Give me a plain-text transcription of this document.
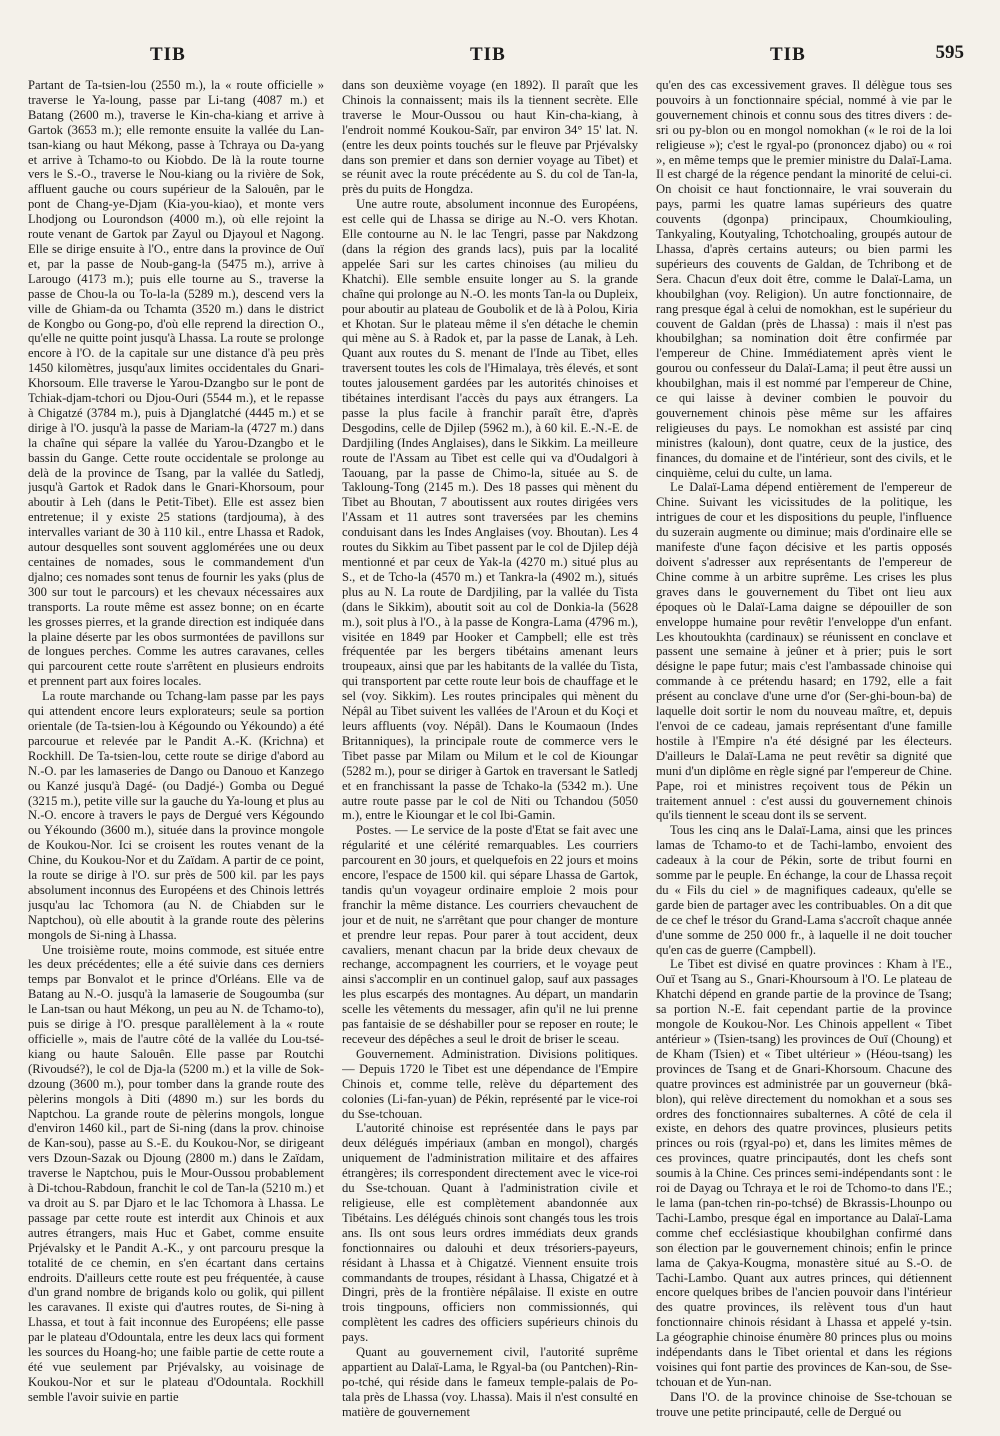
TIB	TIB	TIB	595

Partant de Ta-tsien-lou (2550 m.), la « route officielle » traverse le Ya-loung, passe par Li-tang (4087 m.) et Batang (2600 m.), traverse le Kin-cha-kiang et arrive à Gartok (3653 m.); elle remonte ensuite la vallée du Lan-tsan-kiang ou haut Mékong, passe à Tchraya ou Da-yang et arrive à Tchamo-to ou Kiobdo. De là la route tourne vers le S.-O., traverse le Nou-kiang ou la rivière de Sok, affluent gauche ou cours supérieur de la Salouên, par le pont de Chang-ye-Djam (Kia-you-kiao), et monte vers Lhodjong ou Lourondson (4000 m.), où elle rejoint la route venant de Gartok par Zayul ou Djayoul et Nagong. Elle se dirige ensuite à l'O., entre dans la province de Ouï et, par la passe de Noub-gang-la (5475 m.), arrive à Larougo (4173 m.); puis elle tourne au S., traverse la passe de Chou-la ou To-la-la (5289 m.), descend vers la ville de Ghiam-da ou Tchamta (3520 m.) dans le district de Kongbo ou Gong-po, d'où elle reprend la direction O., qu'elle ne quitte point jusqu'à Lhassa. La route se prolonge encore à l'O. de la capitale sur une distance d'à peu près 1450 kilomètres, jusqu'aux limites occidentales du Gnari-Khorsoum. Elle traverse le Yarou-Dzangbo sur le pont de Tchiak-djam-tchori ou Djou-Ouri (5544 m.), et le repasse à Chigatzé (3784 m.), puis à Djanglatché (4445 m.) et se dirige à l'O. jusqu'à la passe de Mariam-la (4727 m.) dans la chaîne qui sépare la vallée du Yarou-Dzangbo et le bassin du Gange. Cette route occidentale se prolonge au delà de la province de Tsang, par la vallée du Satledj, jusqu'à Gartok et Radok dans le Gnari-Khorsoum, pour aboutir à Leh (dans le Petit-Tibet). Elle est assez bien entretenue; il y existe 25 stations (tardjouma), à des intervalles variant de 30 à 110 kil., entre Lhassa et Radok, autour desquelles sont souvent agglomérées une ou deux centaines de nomades, sous le commandement d'un djalno; ces nomades sont tenus de fournir les yaks (plus de 300 sur tout le parcours) et les chevaux nécessaires aux transports. La route même est assez bonne; on en écarte les grosses pierres, et la grande direction est indiquée dans la plaine déserte par les obos surmontées de pavillons sur de longues perches. Comme les autres caravanes, celles qui parcourent cette route s'arrêtent en plusieurs endroits et prennent part aux foires locales.

La route marchande ou Tchang-lam passe par les pays qui attendent encore leurs explorateurs; seule sa portion orientale (de Ta-tsien-lou à Kégoundo ou Yékoundo) a été parcourue et relevée par le Pandit A.-K. (Krichna) et Rockhill. De Ta-tsien-lou, cette route se dirige d'abord au N.-O. par les lamaseries de Dango ou Danouo et Kanzego ou Kanzé jusqu'à Dagé- (ou Dadjé-) Gomba ou Degué (3215 m.), petite ville sur la gauche du Ya-loung et plus au N.-O. encore à travers le pays de Dergué vers Kégoundo ou Yékoundo (3600 m.), située dans la province mongole de Koukou-Nor. Ici se croisent les routes venant de la Chine, du Koukou-Nor et du Zaïdam. A partir de ce point, la route se dirige à l'O. sur près de 500 kil. par les pays absolument inconnus des Européens et des Chinois lettrés jusqu'au lac Tchomora (au N. de Chiabden sur le Naptchou), où elle aboutit à la grande route des pèlerins mongols de Si-ning à Lhassa.

Une troisième route, moins commode, est située entre les deux précédentes; elle a été suivie dans ces derniers temps par Bonvalot et le prince d'Orléans. Elle va de Batang au N.-O. jusqu'à la lamaserie de Sougoumba (sur le Lan-tsan ou haut Mékong, un peu au N. de Tchamo-to), puis se dirige à l'O. presque parallèlement à la « route officielle », mais de l'autre côté de la vallée du Lou-tsé-kiang ou haute Salouên. Elle passe par Routchi (Rivoudsé?), le col de Dja-la (5200 m.) et la ville de Sok-dzoung (3600 m.), pour tomber dans la grande route des pèlerins mongols à Diti (4890 m.) sur les bords du Naptchou. La grande route de pèlerins mongols, longue d'environ 1460 kil., part de Si-ning (dans la prov. chinoise de Kan-sou), passe au S.-E. du Koukou-Nor, se dirigeant vers Dzoun-Sazak ou Djoung (2800 m.) dans le Zaïdam, traverse le Naptchou, puis le Mour-Oussou probablement à Di-tchou-Rabdoun, franchit le col de Tan-la (5210 m.) et va droit au S. par Djaro et le lac Tchomora à Lhassa. Le passage par cette route est interdit aux Chinois et aux autres étrangers, mais Huc et Gabet, comme ensuite Prjévalsky et le Pandit A.-K., y ont parcouru presque la totalité de ce chemin, en s'en écartant dans certains endroits. D'ailleurs cette route est peu fréquentée, à cause d'un grand nombre de brigands kolo ou golik, qui pillent les caravanes. Il existe qui d'autres routes, de Si-ning à Lhassa, et tout à fait inconnue des Européens; elle passe par le plateau d'Odountala, entre les deux lacs qui forment les sources du Hoang-ho; une faible partie de cette route a été vue seulement par Prjévalsky, au voisinage de Koukou-Nor et sur le plateau d'Odountala. Rockhill semble l'avoir suivie en partie

dans son deuxième voyage (en 1892). Il paraît que les Chinois la connaissent; mais ils la tiennent secrète. Elle traverse le Mour-Oussou ou haut Kin-cha-kiang, à l'endroit nommé Koukou-Saïr, par environ 34° 15' lat. N. (entre les deux points touchés sur le fleuve par Prjévalsky dans son premier et dans son dernier voyage au Tibet) et se réunit avec la route précédente au S. du col de Tan-la, près du puits de Hongdza.

Une autre route, absolument inconnue des Européens, est celle qui de Lhassa se dirige au N.-O. vers Khotan. Elle contourne au N. le lac Tengri, passe par Nakdzong (dans la région des grands lacs), puis par la localité appelée Sari sur les cartes chinoises (au milieu du Khatchi). Elle semble ensuite longer au S. la grande chaîne qui prolonge au N.-O. les monts Tan-la ou Dupleix, pour aboutir au plateau de Goubolik et de là à Polou, Kiria et Khotan. Sur le plateau même il s'en détache le chemin qui mène au S. à Radok et, par la passe de Lanak, à Leh. Quant aux routes du S. menant de l'Inde au Tibet, elles traversent toutes les cols de l'Himalaya, très élevés, et sont toutes jalousement gardées par les autorités chinoises et tibétaines interdisant l'accès du pays aux étrangers. La passe la plus facile à franchir paraît être, d'après Desgodins, celle de Djilep (5962 m.), à 60 kil. E.-N.-E. de Dardjiling (Indes Anglaises), dans le Sikkim. La meilleure route de l'Assam au Tibet est celle qui va d'Oudalgori à Taouang, par la passe de Chimo-la, située au S. de Takloung-Tong (2145 m.). Des 18 passes qui mènent du Tibet au Bhoutan, 7 aboutissent aux routes dirigées vers l'Assam et 11 autres sont traversées par les chemins conduisant dans les Indes Anglaises (voy. Bhoutan). Les 4 routes du Sikkim au Tibet passent par le col de Djilep déjà mentionné et par ceux de Yak-la (4270 m.) situé plus au S., et de Tcho-la (4570 m.) et Tankra-la (4902 m.), situés plus au N. La route de Dardjiling, par la vallée du Tista (dans le Sikkim), aboutit soit au col de Donkia-la (5628 m.), soit plus à l'O., à la passe de Kongra-Lama (4796 m.), visitée en 1849 par Hooker et Campbell; elle est très fréquentée par les bergers tibétains amenant leurs troupeaux, ainsi que par les habitants de la vallée du Tista, qui transportent par cette route leur bois de chauffage et le sel (voy. Sikkim). Les routes principales qui mènent du Népâl au Tibet suivent les vallées de l'Aroun et du Koçi et leurs affluents (voy. Népâl). Dans le Koumaoun (Indes Britanniques), la principale route de commerce vers le Tibet passe par Milam ou Milum et le col de Kioungar (5282 m.), pour se diriger à Gartok en traversant le Satledj et en franchissant la passe de Tchako-la (5342 m.). Une autre route passe par le col de Niti ou Tchandou (5050 m.), entre le Kioungar et le col Ibi-Gamin.

Postes. — Le service de la poste d'Etat se fait avec une régularité et une célérité remarquables. Les courriers parcourent en 30 jours, et quelquefois en 22 jours et moins encore, l'espace de 1500 kil. qui sépare Lhassa de Gartok, tandis qu'un voyageur ordinaire emploie 2 mois pour franchir la même distance. Les courriers chevauchent de jour et de nuit, ne s'arrêtant que pour changer de monture et prendre leur repas. Pour parer à tout accident, deux cavaliers, menant chacun par la bride deux chevaux de rechange, accompagnent les courriers, et le voyage peut ainsi s'accomplir en un continuel galop, sauf aux passages les plus escarpés des montagnes. Au départ, un mandarin scelle les vêtements du messager, afin qu'il ne lui prenne pas fantaisie de se déshabiller pour se reposer en route; le receveur des dépêches a seul le droit de briser le sceau.

Gouvernement. Administration. Divisions politiques. — Depuis 1720 le Tibet est une dépendance de l'Empire Chinois et, comme telle, relève du département des colonies (Li-fan-yuan) de Pékin, représenté par le vice-roi du Sse-tchouan.

L'autorité chinoise est représentée dans le pays par deux délégués impériaux (amban en mongol), chargés uniquement de l'administration militaire et des affaires étrangères; ils correspondent directement avec le vice-roi du Sse-tchouan. Quant à l'administration civile et religieuse, elle est complètement abandonnée aux Tibétains. Les délégués chinois sont changés tous les trois ans. Ils ont sous leurs ordres immédiats deux grands fonctionnaires ou dalouhi et deux trésoriers-payeurs, résidant à Lhassa et à Chigatzé. Viennent ensuite trois commandants de troupes, résidant à Lhassa, Chigatzé et à Dingri, près de la frontière népâlaise. Il existe en outre trois tingpouns, officiers non commissionnés, qui complètent les cadres des officiers supérieurs chinois du pays.

Quant au gouvernement civil, l'autorité suprême appartient au Dalaï-Lama, le Rgyal-ba (ou Pantchen)-Rin-po-tché, qui réside dans le fameux temple-palais de Po-tala près de Lhassa (voy. Lhassa). Mais il n'est consulté en matière de gouvernement

qu'en des cas excessivement graves. Il délègue tous ses pouvoirs à un fonctionnaire spécial, nommé à vie par le gouvernement chinois et connu sous des titres divers : de-sri ou py-blon ou en mongol nomokhan (« le roi de la loi religieuse »); c'est le rgyal-po (prononcez djabo) ou « roi », en même temps que le premier ministre du Dalaï-Lama. Il est chargé de la régence pendant la minorité de celui-ci. On choisit ce haut fonctionnaire, le vrai souverain du pays, parmi les quatre lamas supérieurs des quatre couvents (dgonpa) principaux, Choumkiouling, Tankyaling, Koutyaling, Tchotchoaling, groupés autour de Lhassa, d'après certains auteurs; ou bien parmi les supérieurs des couvents de Galdan, de Tchribong et de Sera. Chacun d'eux doit être, comme le Dalaï-Lama, un khoubilghan (voy. Religion). Un autre fonctionnaire, de rang presque égal à celui de nomokhan, est le supérieur du couvent de Galdan (près de Lhassa) : mais il n'est pas khoubilghan; sa nomination doit être confirmée par l'empereur de Chine. Immédiatement après vient le gourou ou confesseur du Dalaï-Lama; il peut être aussi un khoubilghan, mais il est nommé par l'empereur de Chine, ce qui laisse à deviner combien le pouvoir du gouvernement chinois pèse même sur les affaires religieuses du pays. Le nomokhan est assisté par cinq ministres (kaloun), dont quatre, ceux de la justice, des finances, du domaine et de l'intérieur, sont des civils, et le cinquième, celui du culte, un lama.

Le Dalaï-Lama dépend entièrement de l'empereur de Chine. Suivant les vicissitudes de la politique, les intrigues de cour et les dispositions du peuple, l'influence du suzerain augmente ou diminue; mais d'ordinaire elle se manifeste d'une façon décisive et les partis opposés doivent s'adresser aux représentants de l'empereur de Chine comme à un arbitre suprême. Les crises les plus graves dans le gouvernement du Tibet ont lieu aux époques où le Dalaï-Lama daigne se dépouiller de son enveloppe humaine pour revêtir l'enveloppe d'un enfant. Les khoutoukhta (cardinaux) se réunissent en conclave et passent une semaine à jeûner et à prier; puis le sort désigne le pape futur; mais c'est l'ambassade chinoise qui commande à ce prétendu hasard; en 1792, elle a fait présent au conclave d'une urne d'or (Ser-ghi-boun-ba) de laquelle doit sortir le nom du nouveau maître, et, depuis l'envoi de ce cadeau, jamais représentant d'une famille hostile à l'Empire n'a été désigné par les électeurs. D'ailleurs le Dalaï-Lama ne peut revêtir sa dignité que muni d'un diplôme en règle signé par l'empereur de Chine. Pape, roi et ministres reçoivent tous de Pékin un traitement annuel : c'est aussi du gouvernement chinois qu'ils tiennent le sceau dont ils se servent.

Tous les cinq ans le Dalaï-Lama, ainsi que les princes lamas de Tchamo-to et de Tachi-lambo, envoient des cadeaux à la cour de Pékin, sorte de tribut fourni en somme par le peuple. En échange, la cour de Lhassa reçoit du « Fils du ciel » de magnifiques cadeaux, qu'elle se garde bien de partager avec les contribuables. On a dit que de ce chef le trésor du Grand-Lama s'accroît chaque année d'une somme de 250 000 fr., à laquelle il ne doit toucher qu'en cas de guerre (Campbell).

Le Tibet est divisé en quatre provinces : Kham à l'E., Ouï et Tsang au S., Gnari-Khoursoum à l'O. Le plateau de Khatchi dépend en grande partie de la province de Tsang; sa portion N.-E. fait cependant partie de la province mongole de Koukou-Nor. Les Chinois appellent « Tibet antérieur » (Tsien-tsang) les provinces de Ouï (Choung) et de Kham (Tsien) et « Tibet ultérieur » (Héou-tsang) les provinces de Tsang et de Gnari-Khorsoum. Chacune des quatre provinces est administrée par un gouverneur (bkâ-blon), qui relève directement du nomokhan et a sous ses ordres des fonctionnaires subalternes. A côté de cela il existe, en dehors des quatre provinces, plusieurs petits princes ou rois (rgyal-po) et, dans les limites mêmes de ces provinces, quatre principautés, dont les chefs sont soumis à la Chine. Ces princes semi-indépendants sont : le roi de Dayag ou Tchraya et le roi de Tchomo-to dans l'E.; le lama (pan-tchen rin-po-tchsé) de Bkrassis-Lhounpo ou Tachi-Lambo, presque égal en importance au Dalaï-Lama comme chef ecclésiastique khoubilghan confirmé dans son élection par le gouvernement chinois; enfin le prince lama de Çakya-Kougma, monastère situé au S.-O. de Tachi-Lambo. Quant aux autres princes, qui détiennent encore quelques bribes de l'ancien pouvoir dans l'intérieur des quatre provinces, ils relèvent tous d'un haut fonctionnaire chinois résidant à Lhassa et appelé y-tsin. La géographie chinoise énumère 80 princes plus ou moins indépendants dans le Tibet oriental et dans les régions voisines qui font partie des provinces de Kan-sou, de Sse-tchouan et de Yun-nan.

Dans l'O. de la province chinoise de Sse-tchouan se trouve une petite principauté, celle de Dergué ou
